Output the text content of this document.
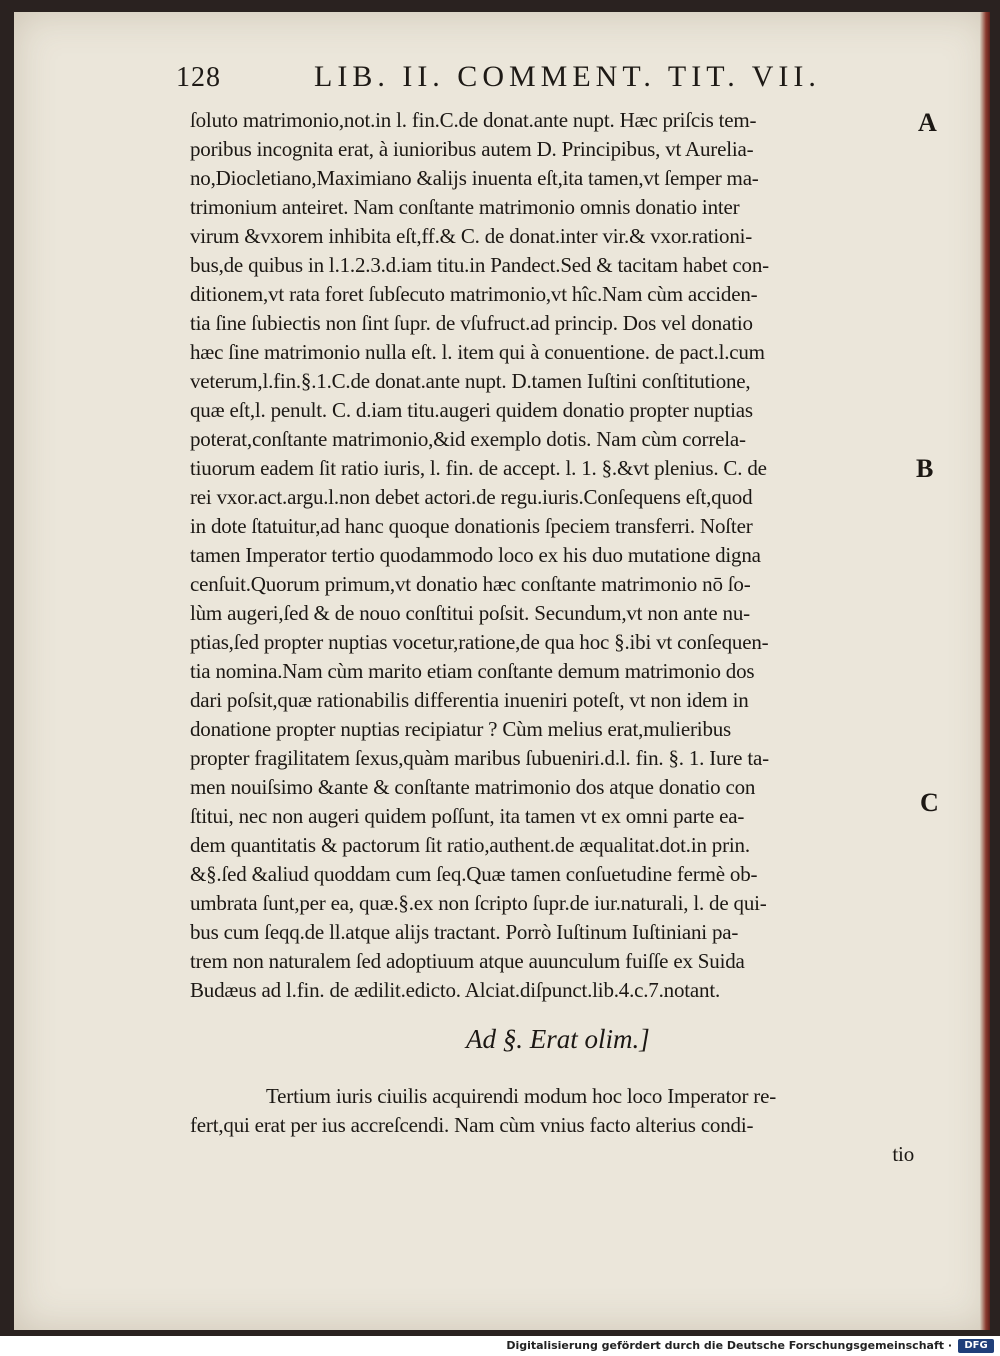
128	LIB. II. COMMENT. TIT. VII.
ſoluto matrimonio,not.in l. fin.C.de donat.ante nupt. Hæc priſcis tem-
poribus incognita erat, à iunioribus autem D. Principibus, vt Aurelia-
no,Diocletiano,Maximiano &alijs inuenta eſt,ita tamen,vt ſemper ma-
trimonium anteiret. Nam conſtante matrimonio omnis donatio inter
virum &vxorem inhibita eſt,ff.& C. de donat.inter vir.& vxor.rationi-
bus,de quibus in l.1.2.3.d.iam titu.in Pandect.Sed & tacitam habet con-
ditionem,vt rata foret ſubſecuto matrimonio,vt hîc.Nam cùm acciden-
tia ſine ſubiectis non ſint ſupr. de vſufruct.ad princip. Dos vel donatio
hæc ſine matrimonio nulla eſt. l. item qui à conuentione. de pact.l.cum
veterum,l.fin.§.1.C.de donat.ante nupt. D.tamen Iuſtini conſtitutione,
quæ eſt,l. penult. C. d.iam titu.augeri quidem donatio propter nuptias
poterat,conſtante matrimonio,&id exemplo dotis. Nam cùm correla-
tiuorum eadem ſit ratio iuris, l. fin. de accept. l. 1. §.&vt plenius. C. de
rei vxor.act.argu.l.non debet actori.de regu.iuris.Conſequens eſt,quod
in dote ſtatuitur,ad hanc quoque donationis ſpeciem transferri. Noſter
tamen Imperator tertio quodammodo loco ex his duo mutatione digna
cenſuit.Quorum primum,vt donatio hæc conſtante matrimonio nō ſo-
lùm augeri,ſed & de nouo conſtitui poſsit. Secundum,vt non ante nu-
ptias,ſed propter nuptias vocetur,ratione,de qua hoc §.ibi vt conſequen-
tia nomina.Nam cùm marito etiam conſtante demum matrimonio dos
dari poſsit,quæ rationabilis differentia inueniri poteſt, vt non idem in
donatione propter nuptias recipiatur ? Cùm melius erat,mulieribus
propter fragilitatem ſexus,quàm maribus ſubueniri.d.l. fin. §. 1. Iure ta-
men nouiſsimo &ante & conſtante matrimonio dos atque donatio con
ſtitui, nec non augeri quidem poſſunt, ita tamen vt ex omni parte ea-
dem quantitatis & pactorum ſit ratio,authent.de æqualitat.dot.in prin.
&§.ſed &aliud quoddam cum ſeq.Quæ tamen conſuetudine fermè ob-
umbrata ſunt,per ea, quæ.§.ex non ſcripto ſupr.de iur.naturali, l. de qui-
bus cum ſeqq.de ll.atque alijs tractant. Porrò Iuſtinum Iuſtiniani pa-
trem non naturalem ſed adoptiuum atque auunculum fuiſſe ex Suida
Budæus ad l.fin. de ædilit.edicto. Alciat.diſpunct.lib.4.c.7.notant.
A
B
C
Ad §. Erat olim.]
Tertium iuris ciuilis acquirendi modum hoc loco Imperator re-
fert,qui erat per ius accreſcendi. Nam cùm vnius facto alterius condi-
tio
Digitalisierung gefördert durch die Deutsche Forschungsgemeinschaft ·	DFG
